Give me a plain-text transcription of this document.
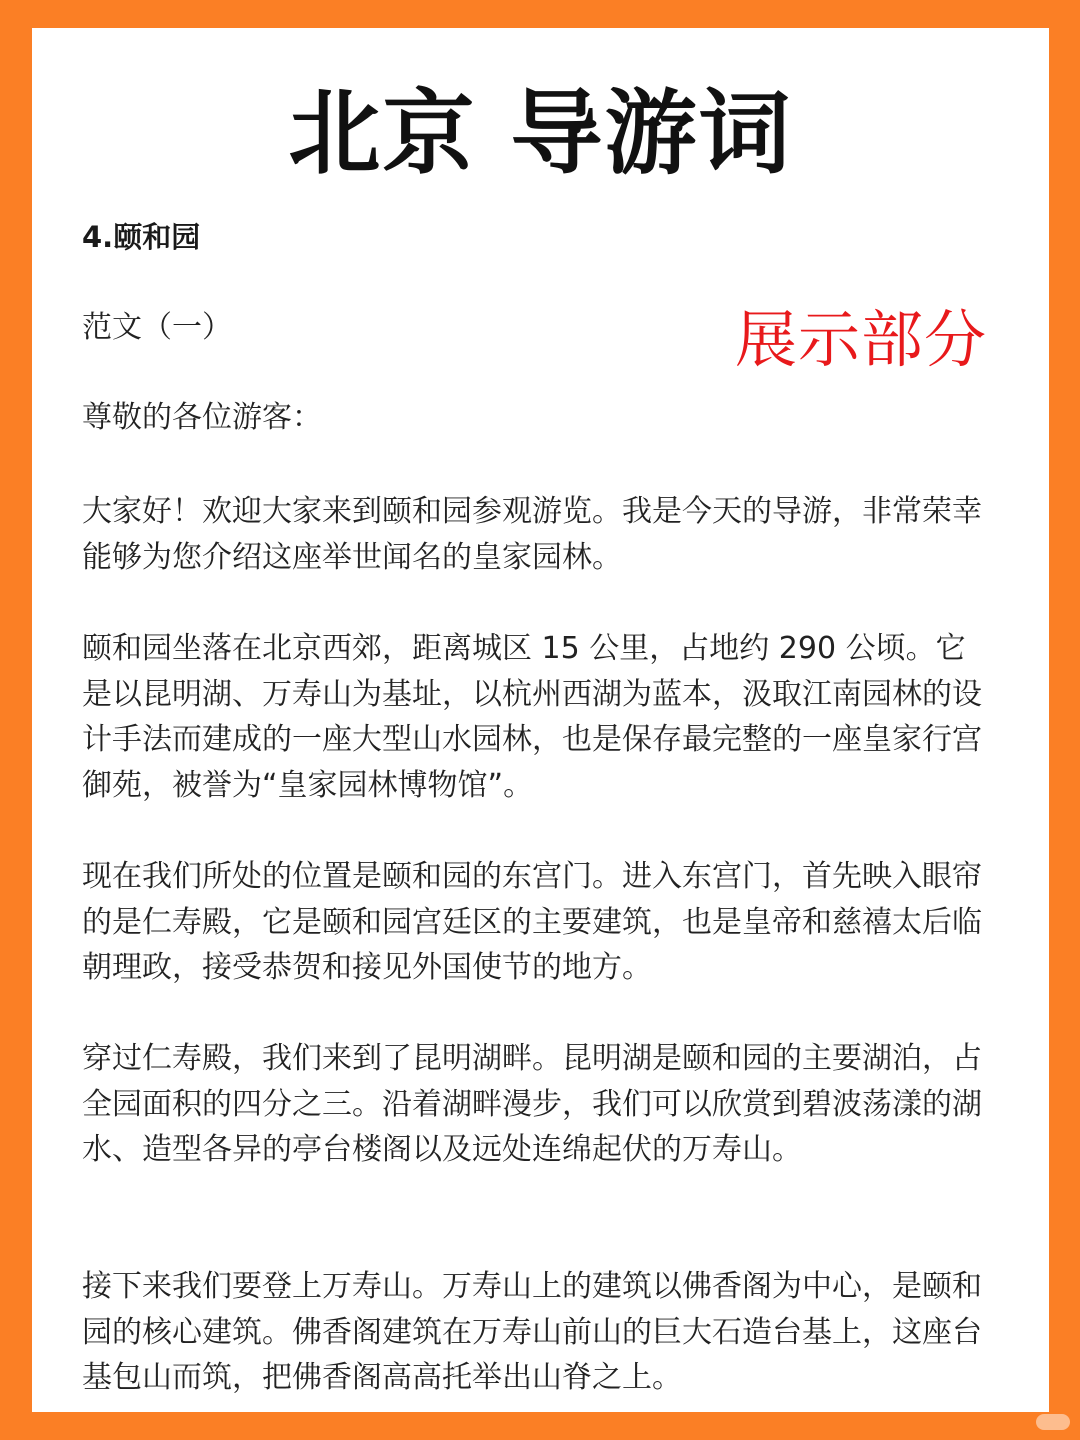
北京 导游词
4.颐和园
范文（一）	展示部分
尊敬的各位游客：

大家好！欢迎大家来到颐和园参观游览。我是今天的导游，非常荣幸能够为您介绍这座举世闻名的皇家园林。

颐和园坐落在北京西郊，距离城区 15 公里，占地约 290 公顷。它是以昆明湖、万寿山为基址，以杭州西湖为蓝本，汲取江南园林的设计手法而建成的一座大型山水园林，也是保存最完整的一座皇家行宫御苑，被誉为“皇家园林博物馆”。

现在我们所处的位置是颐和园的东宫门。进入东宫门，首先映入眼帘的是仁寿殿，它是颐和园宫廷区的主要建筑，也是皇帝和慈禧太后临朝理政，接受恭贺和接见外国使节的地方。

穿过仁寿殿，我们来到了昆明湖畔。昆明湖是颐和园的主要湖泊，占全园面积的四分之三。沿着湖畔漫步，我们可以欣赏到碧波荡漾的湖水、造型各异的亭台楼阁以及远处连绵起伏的万寿山。

接下来我们要登上万寿山。万寿山上的建筑以佛香阁为中心，是颐和园的核心建筑。佛香阁建筑在万寿山前山的巨大石造台基上，这座台基包山而筑，把佛香阁高高托举出山脊之上。
